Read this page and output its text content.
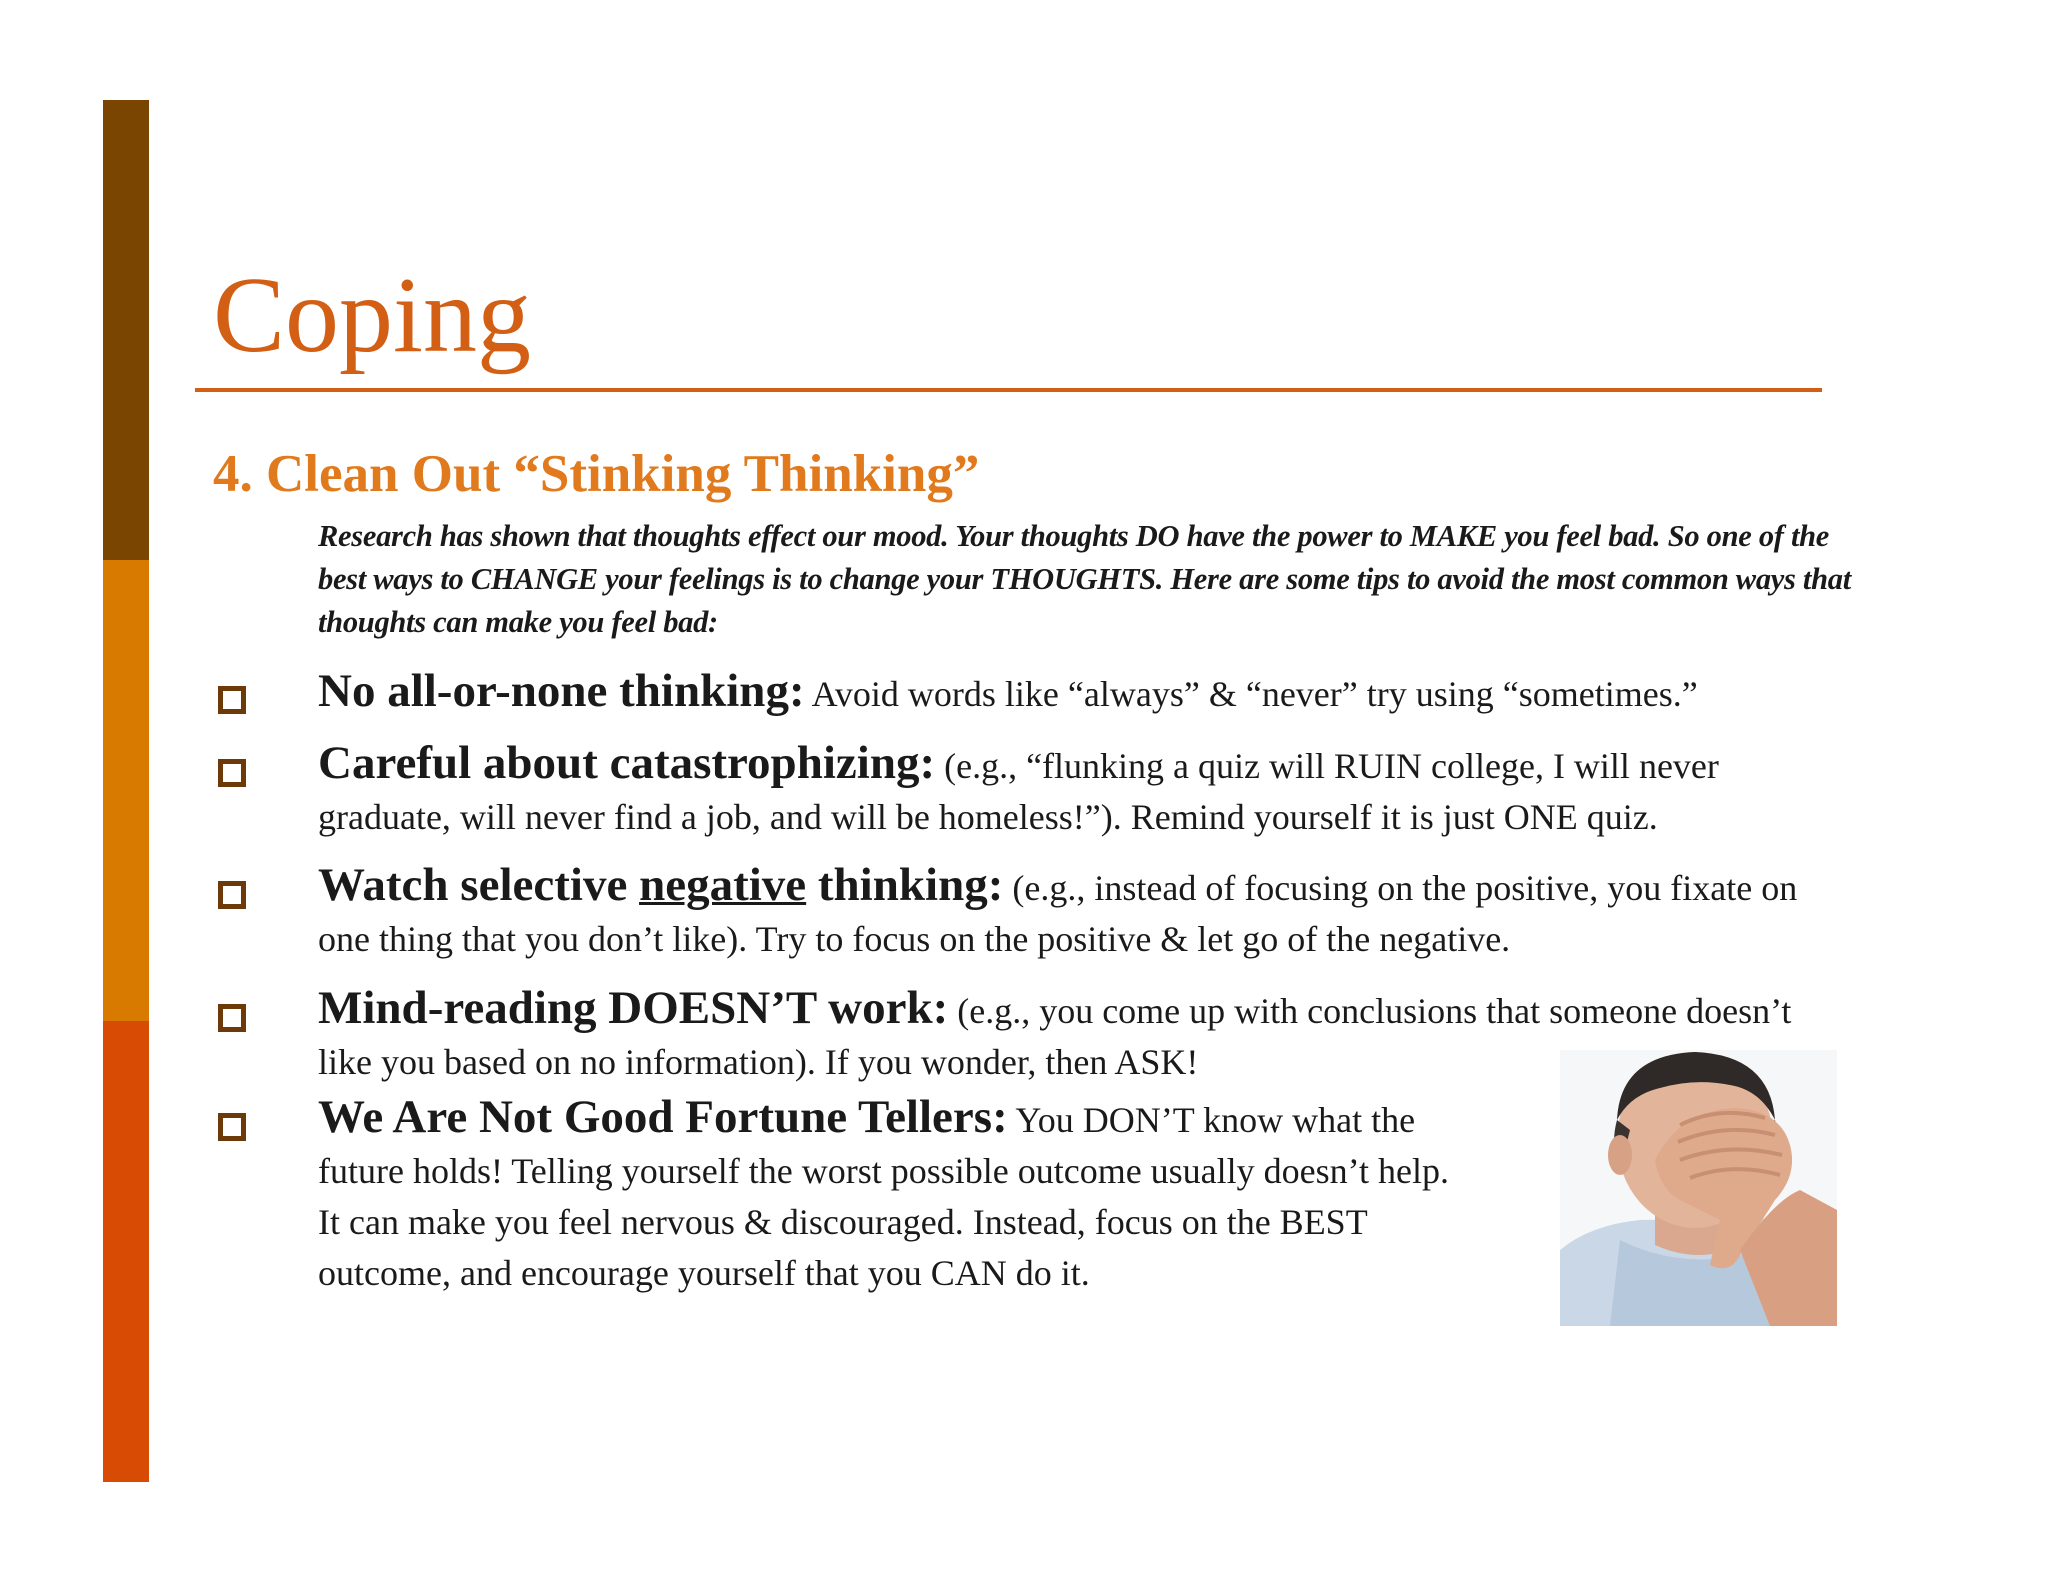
Coping
4. Clean Out “Stinking Thinking”
Research has shown that thoughts effect our mood. Your thoughts DO have the power to MAKE you feel bad. So one of the best ways to CHANGE your feelings is to change your THOUGHTS. Here are some tips to avoid the most common ways that thoughts can make you feel bad:
No all-or-none thinking: Avoid words like “always” & “never” try using “sometimes.”
Careful about catastrophizing: (e.g., “flunking a quiz will RUIN college, I will never graduate, will never find a job, and will be homeless!”). Remind yourself it is just ONE quiz.
Watch selective negative thinking: (e.g., instead of focusing on the positive, you fixate on one thing that you don’t like). Try to focus on the positive & let go of the negative.
Mind-reading DOESN’T work: (e.g., you come up with conclusions that someone doesn’t like you based on no information). If you wonder, then ASK!
We Are Not Good Fortune Tellers: You DON’T know what the
future holds! Telling yourself the worst possible outcome usually doesn’t help.
It can make you feel nervous & discouraged. Instead, focus on the BEST
outcome, and encourage yourself that you CAN do it.
